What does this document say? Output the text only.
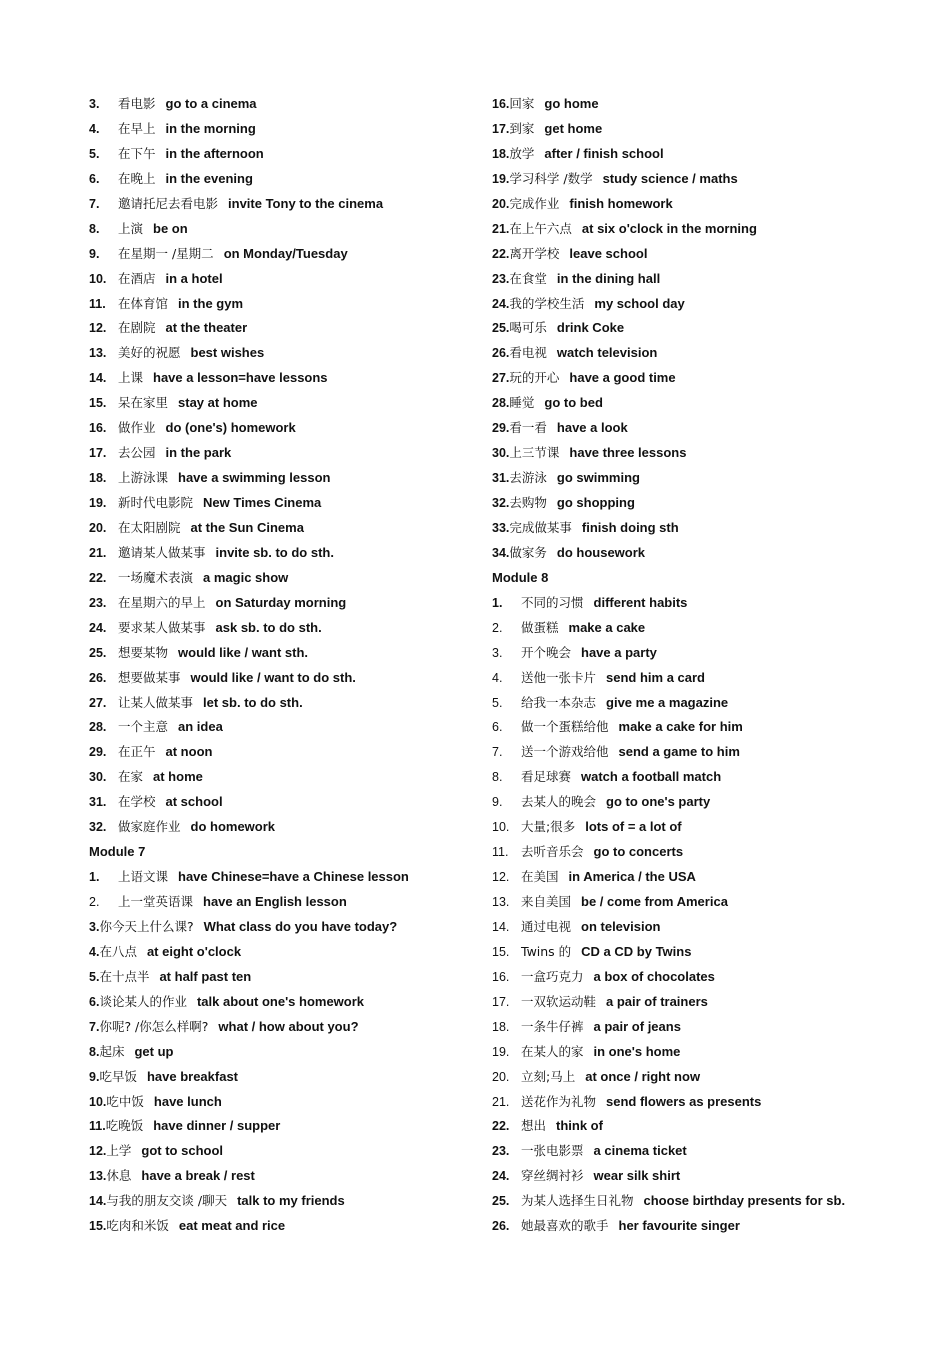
3. 看电影 go to a cinema
4. 在早上 in the morning
5. 在下午 in the afternoon
6. 在晚上 in the evening
7. 邀请托尼去看电影 invite Tony to the cinema
8. 上演 be on
9. 在星期一 /星期二 on Monday/Tuesday
10. 在酒店 in a hotel
11. 在体育馆 in the gym
12. 在剧院 at the theater
13. 美好的祝愿 best wishes
14. 上课 have a lesson=have lessons
15. 呆在家里 stay at home
16. 做作业 do (one's) homework
17. 去公园 in the park
18. 上游泳课 have a swimming lesson
19. 新时代电影院 New Times Cinema
20. 在太阳剧院 at the Sun Cinema
21. 邀请某人做某事 invite sb. to do sth.
22. 一场魔术表演 a magic show
23. 在星期六的早上 on Saturday morning
24. 要求某人做某事 ask sb. to do sth.
25. 想要某物 would like / want sth.
26. 想要做某事 would like / want to do sth.
27. 让某人做某事 let sb. to do sth.
28. 一个主意 an idea
29. 在正午 at noon
30. 在家 at home
31. 在学校 at school
32. 做家庭作业 do homework
Module 7
1. 上语文课 have Chinese=have a Chinese lesson
2. 上一堂英语课 have an English lesson
3.你今天上什么课? What class do you have today?
4.在八点 at eight o'clock
5.在十点半 at half past ten
6.谈论某人的作业 talk about one's homework
7.你呢? /你怎么样啊? what / how about you?
8.起床 get up
9.吃早饭 have breakfast
10.吃中饭 have lunch
11.吃晚饭 have dinner / supper
12.上学 got to school
13.休息 have a break / rest
14.与我的朋友交谈 /聊天 talk to my friends
15.吃肉和米饭 eat meat and rice
16.回家 go home
17.到家 get home
18.放学 after / finish school
19.学习科学 /数学 study science / maths
20.完成作业 finish homework
21.在上午六点 at six o'clock in the morning
22.离开学校 leave school
23.在食堂 in the dining hall
24.我的学校生活 my school day
25.喝可乐 drink Coke
26.看电视 watch television
27.玩的开心 have a good time
28.睡觉 go to bed
29.看一看 have a look
30.上三节课 have three lessons
31.去游泳 go swimming
32.去购物 go shopping
33.完成做某事 finish doing sth
34.做家务 do housework
Module 8
1. 不同的习惯 different habits
2. 做蛋糕 make a cake
3. 开个晚会 have a party
4. 送他一张卡片 send him a card
5. 给我一本杂志 give me a magazine
6. 做一个蛋糕给他 make a cake for him
7. 送一个游戏给他 send a game to him
8. 看足球赛 watch a football match
9. 去某人的晚会 go to one's party
10. 大量;很多 lots of = a lot of
11. 去听音乐会 go to concerts
12. 在美国 in America / the USA
13. 来自美国 be / come from America
14. 通过电视 on television
15. Twins 的 CD a CD by Twins
16. 一盒巧克力 a box of chocolates
17. 一双软运动鞋 a pair of trainers
18. 一条牛仔裤 a pair of jeans
19. 在某人的家 in one's home
20. 立刻;马上 at once / right now
21. 送花作为礼物 send flowers as presents
22. 想出 think of
23. 一张电影票 a cinema ticket
24. 穿丝绸衬衫 wear silk shirt
25. 为某人选择生日礼物 choose birthday presents for sb.
26. 她最喜欢的歌手 her favourite singer
